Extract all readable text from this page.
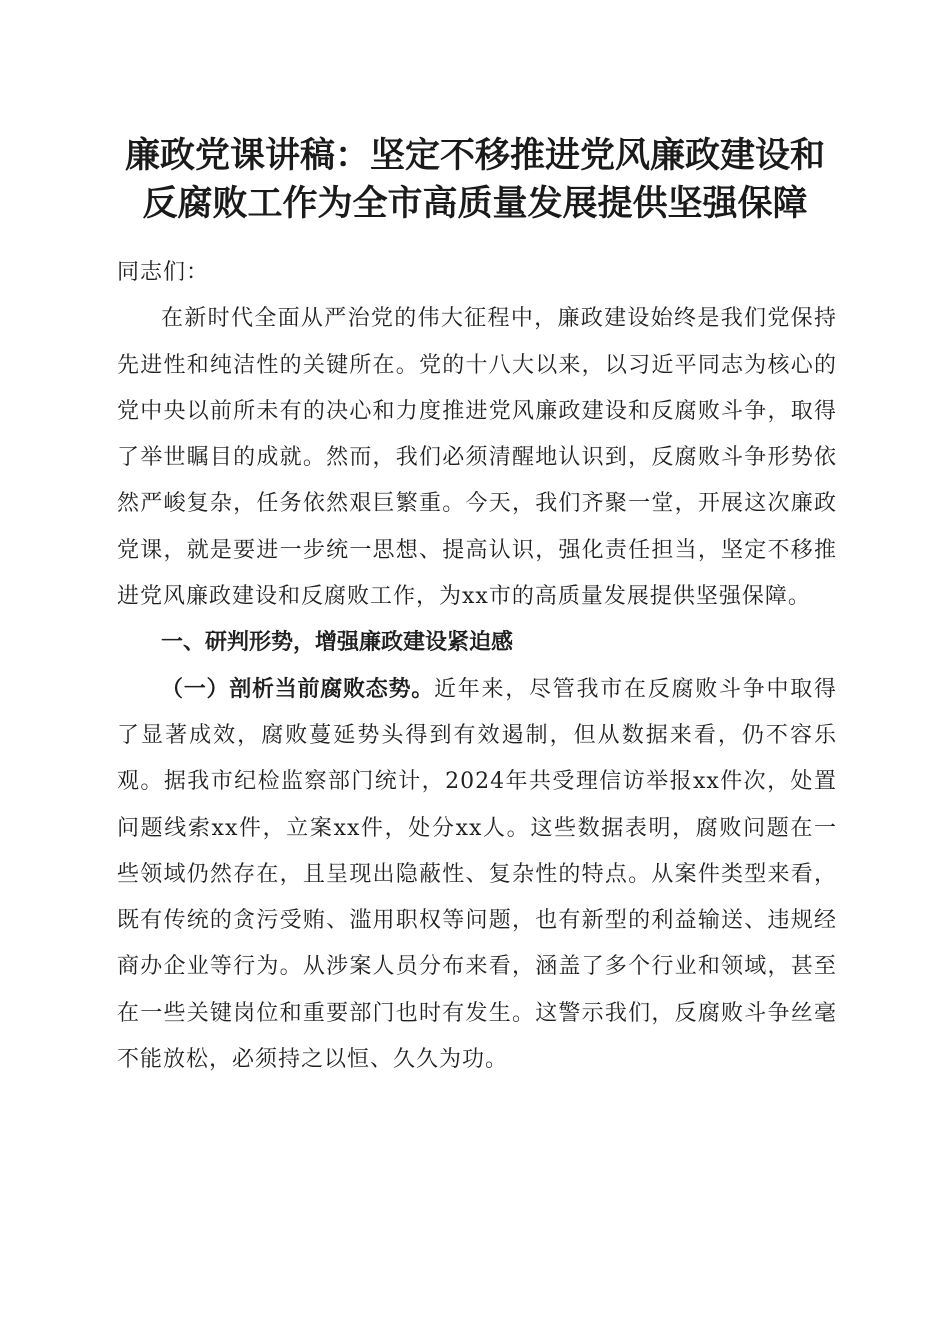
廉政党课讲稿：坚定不移推进党风廉政建设和
反腐败工作为全市高质量发展提供坚强保障

同志们：

在新时代全面从严治党的伟大征程中，廉政建设始终是我们党保持先进性和纯洁性的关键所在。党的十八大以来，以习近平同志为核心的党中央以前所未有的决心和力度推进党风廉政建设和反腐败斗争，取得了举世瞩目的成就。然而，我们必须清醒地认识到，反腐败斗争形势依然严峻复杂，任务依然艰巨繁重。今天，我们齐聚一堂，开展这次廉政党课，就是要进一步统一思想、提高认识，强化责任担当，坚定不移推进党风廉政建设和反腐败工作，为xx市的高质量发展提供坚强保障。

一、研判形势，增强廉政建设紧迫感

（一）剖析当前腐败态势。近年来，尽管我市在反腐败斗争中取得了显著成效，腐败蔓延势头得到有效遏制，但从数据来看，仍不容乐观。据我市纪检监察部门统计，2024年共受理信访举报xx件次，处置问题线索xx件，立案xx件，处分xx人。这些数据表明，腐败问题在一些领域仍然存在，且呈现出隐蔽性、复杂性的特点。从案件类型来看，既有传统的贪污受贿、滥用职权等问题，也有新型的利益输送、违规经商办企业等行为。从涉案人员分布来看，涵盖了多个行业和领域，甚至在一些关键岗位和重要部门也时有发生。这警示我们，反腐败斗争丝毫不能放松，必须持之以恒、久久为功。
